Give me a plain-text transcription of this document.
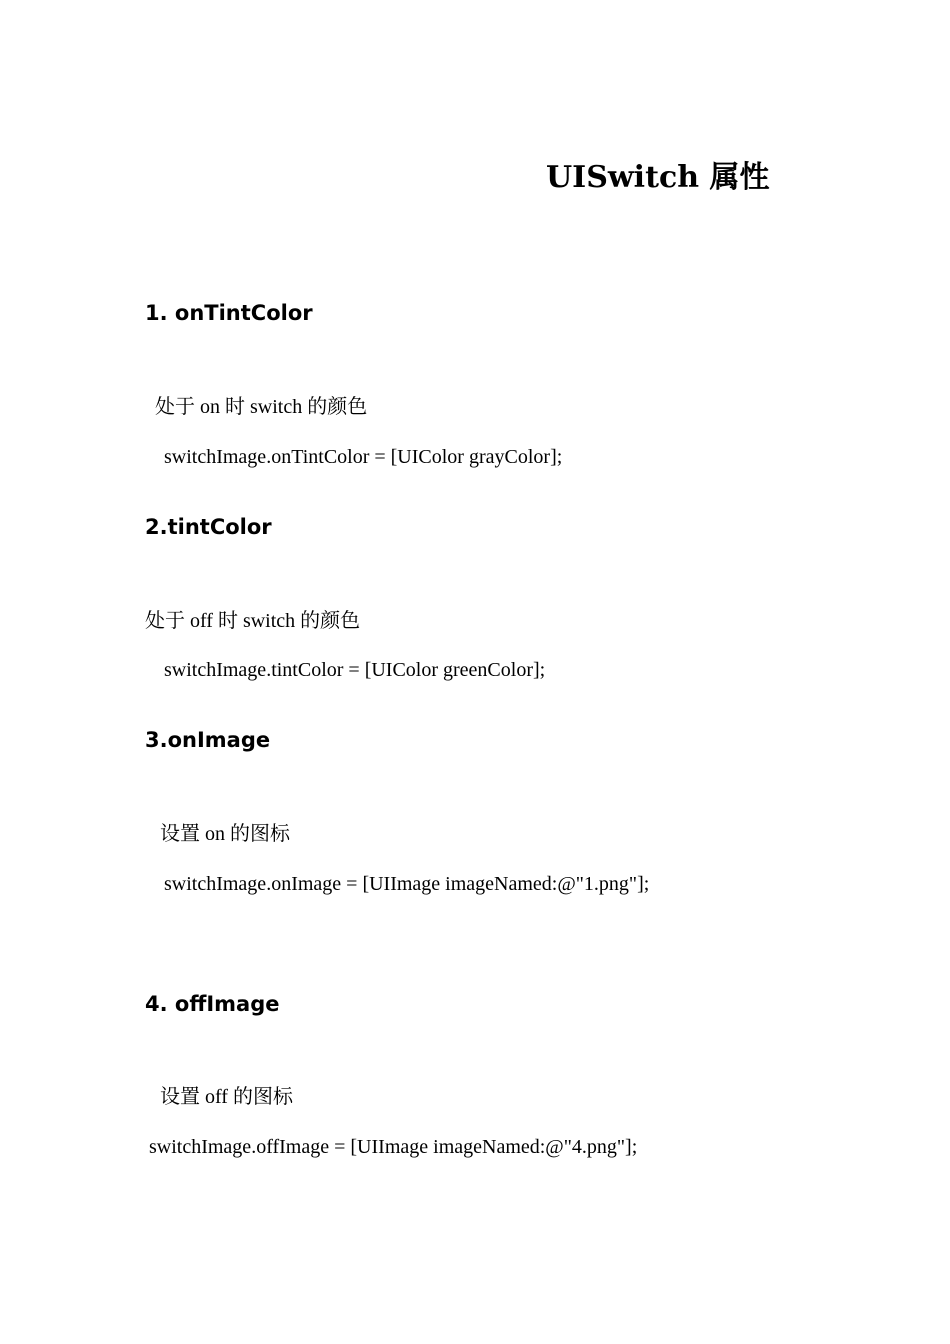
UISwitch 属性
1. onTintColor
处于 on 时 switch 的颜色
switchImage.onTintColor = [UIColor grayColor];
2.tintColor
处于 off 时 switch 的颜色
switchImage.tintColor = [UIColor greenColor];
3.onImage
设置 on 的图标
switchImage.onImage = [UIImage imageNamed:@"1.png"];
4. offImage
设置 off 的图标
switchImage.offImage = [UIImage imageNamed:@"4.png"];
